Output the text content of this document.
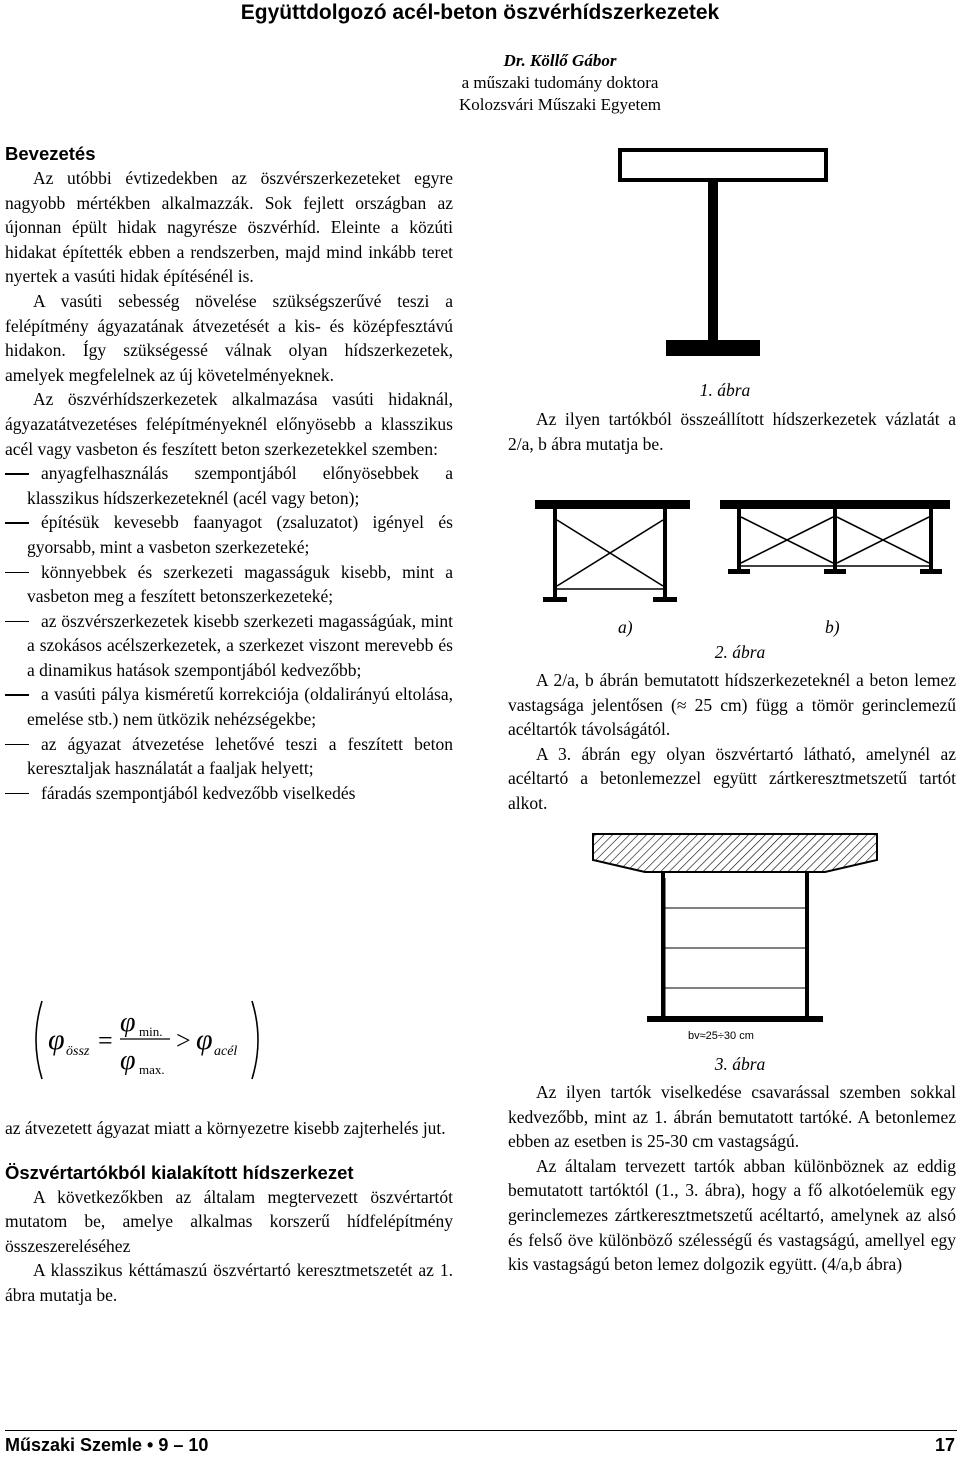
Együttdolgozó acél-beton öszvérhídszerkezetek
Dr. Köllő Gábor
a műszaki tudomány doktora
Kolozsvári Műszaki Egyetem
Bevezetés

Az utóbbi évtizedekben az öszvérszerkezeteket egyre nagyobb mértékben alkalmazzák. Sok fejlett országban az újonnan épült hidak nagyrésze öszvérhíd. Eleinte a közúti hidakat építették ebben a rendszerben, majd mind inkább teret nyertek a vasúti hidak építésénél is.

A vasúti sebesség növelése szükségszerűvé teszi a felépítmény ágyazatának átvezetését a kis- és középfesztávú hidakon. Így szükségessé válnak olyan hídszerkezetek, amelyek megfelelnek az új követelményeknek.

Az öszvérhídszerkezetek alkalmazása vasúti hidaknál, ágyazatátvezetéses felépítményeknél előnyösebb a klasszikus acél vagy vasbeton és feszített beton szerkezetekkel szemben:

anyagfelhasználás szempontjából előnyösebbek a klasszikus hídszerkezeteknél (acél vagy beton);
építésük kevesebb faanyagot (zsaluzatot) igényel és gyorsabb, mint a vasbeton szerkezeteké;
könnyebbek és szerkezeti magasságuk kisebb, mint a vasbeton meg a feszített betonszerkezeteké;
az öszvérszerkezetek kisebb szerkezeti magasságúak, mint a szokásos acélszerkezetek, a szerkezet viszont merevebb és a dinamikus hatások szempontjából kedvezőbb;
a vasúti pálya kisméretű korrekciója (oldalirányú eltolása, emelése stb.) nem ütközik nehézségekbe;
az ágyazat átvezetése lehetővé teszi a feszített beton keresztaljak használatát a faaljak helyett;
fáradás szempontjából kedvezőbb viselkedés
φ össz =
φ min.
φ max.
> φ acél

az átvezetett ágyazat miatt a környezetre kisebb zajterhelés jut.

Öszvértartókból kialakított hídszerkezet

A következőkben az általam megtervezett öszvértartót mutatom be, amelye alkalmas korszerű hídfelépítmény összeszereléséhez

A klasszikus kéttámaszú öszvértartó keresztmetszetét az 1. ábra mutatja be.

1. ábra

Az ilyen tartókból összeállított hídszerkezetek vázlatát a 2/a, b ábra mutatja be.

a)	b)
2. ábra

A 2/a, b ábrán bemutatott hídszerkezeteknél a beton lemez vastagsága jelentősen (≈ 25 cm) függ a tömör gerinclemezű acéltartók távolságától.

A 3. ábrán egy olyan öszvértartó látható, amelynél az acéltartó a betonlemezzel együtt zártkeresztmetszetű tartót alkot.

bv≈25÷30 cm
3. ábra

Az ilyen tartók viselkedése csavarással szemben sokkal kedvezőbb, mint az 1. ábrán bemutatott tartóké. A betonlemez ebben az esetben is 25-30 cm vastagságú.

Az általam tervezett tartók abban különböznek az eddig bemutatott tartóktól (1., 3. ábra), hogy a fő alkotóelemük egy gerinclemezes zártkeresztmetszetű acéltartó, amelynek az alsó és felső öve különböző szélességű és vastagságú, amellyel egy kis vastagságú beton lemez dolgozik együtt. (4/a,b ábra)

Műszaki Szemle • 9 – 10	17
